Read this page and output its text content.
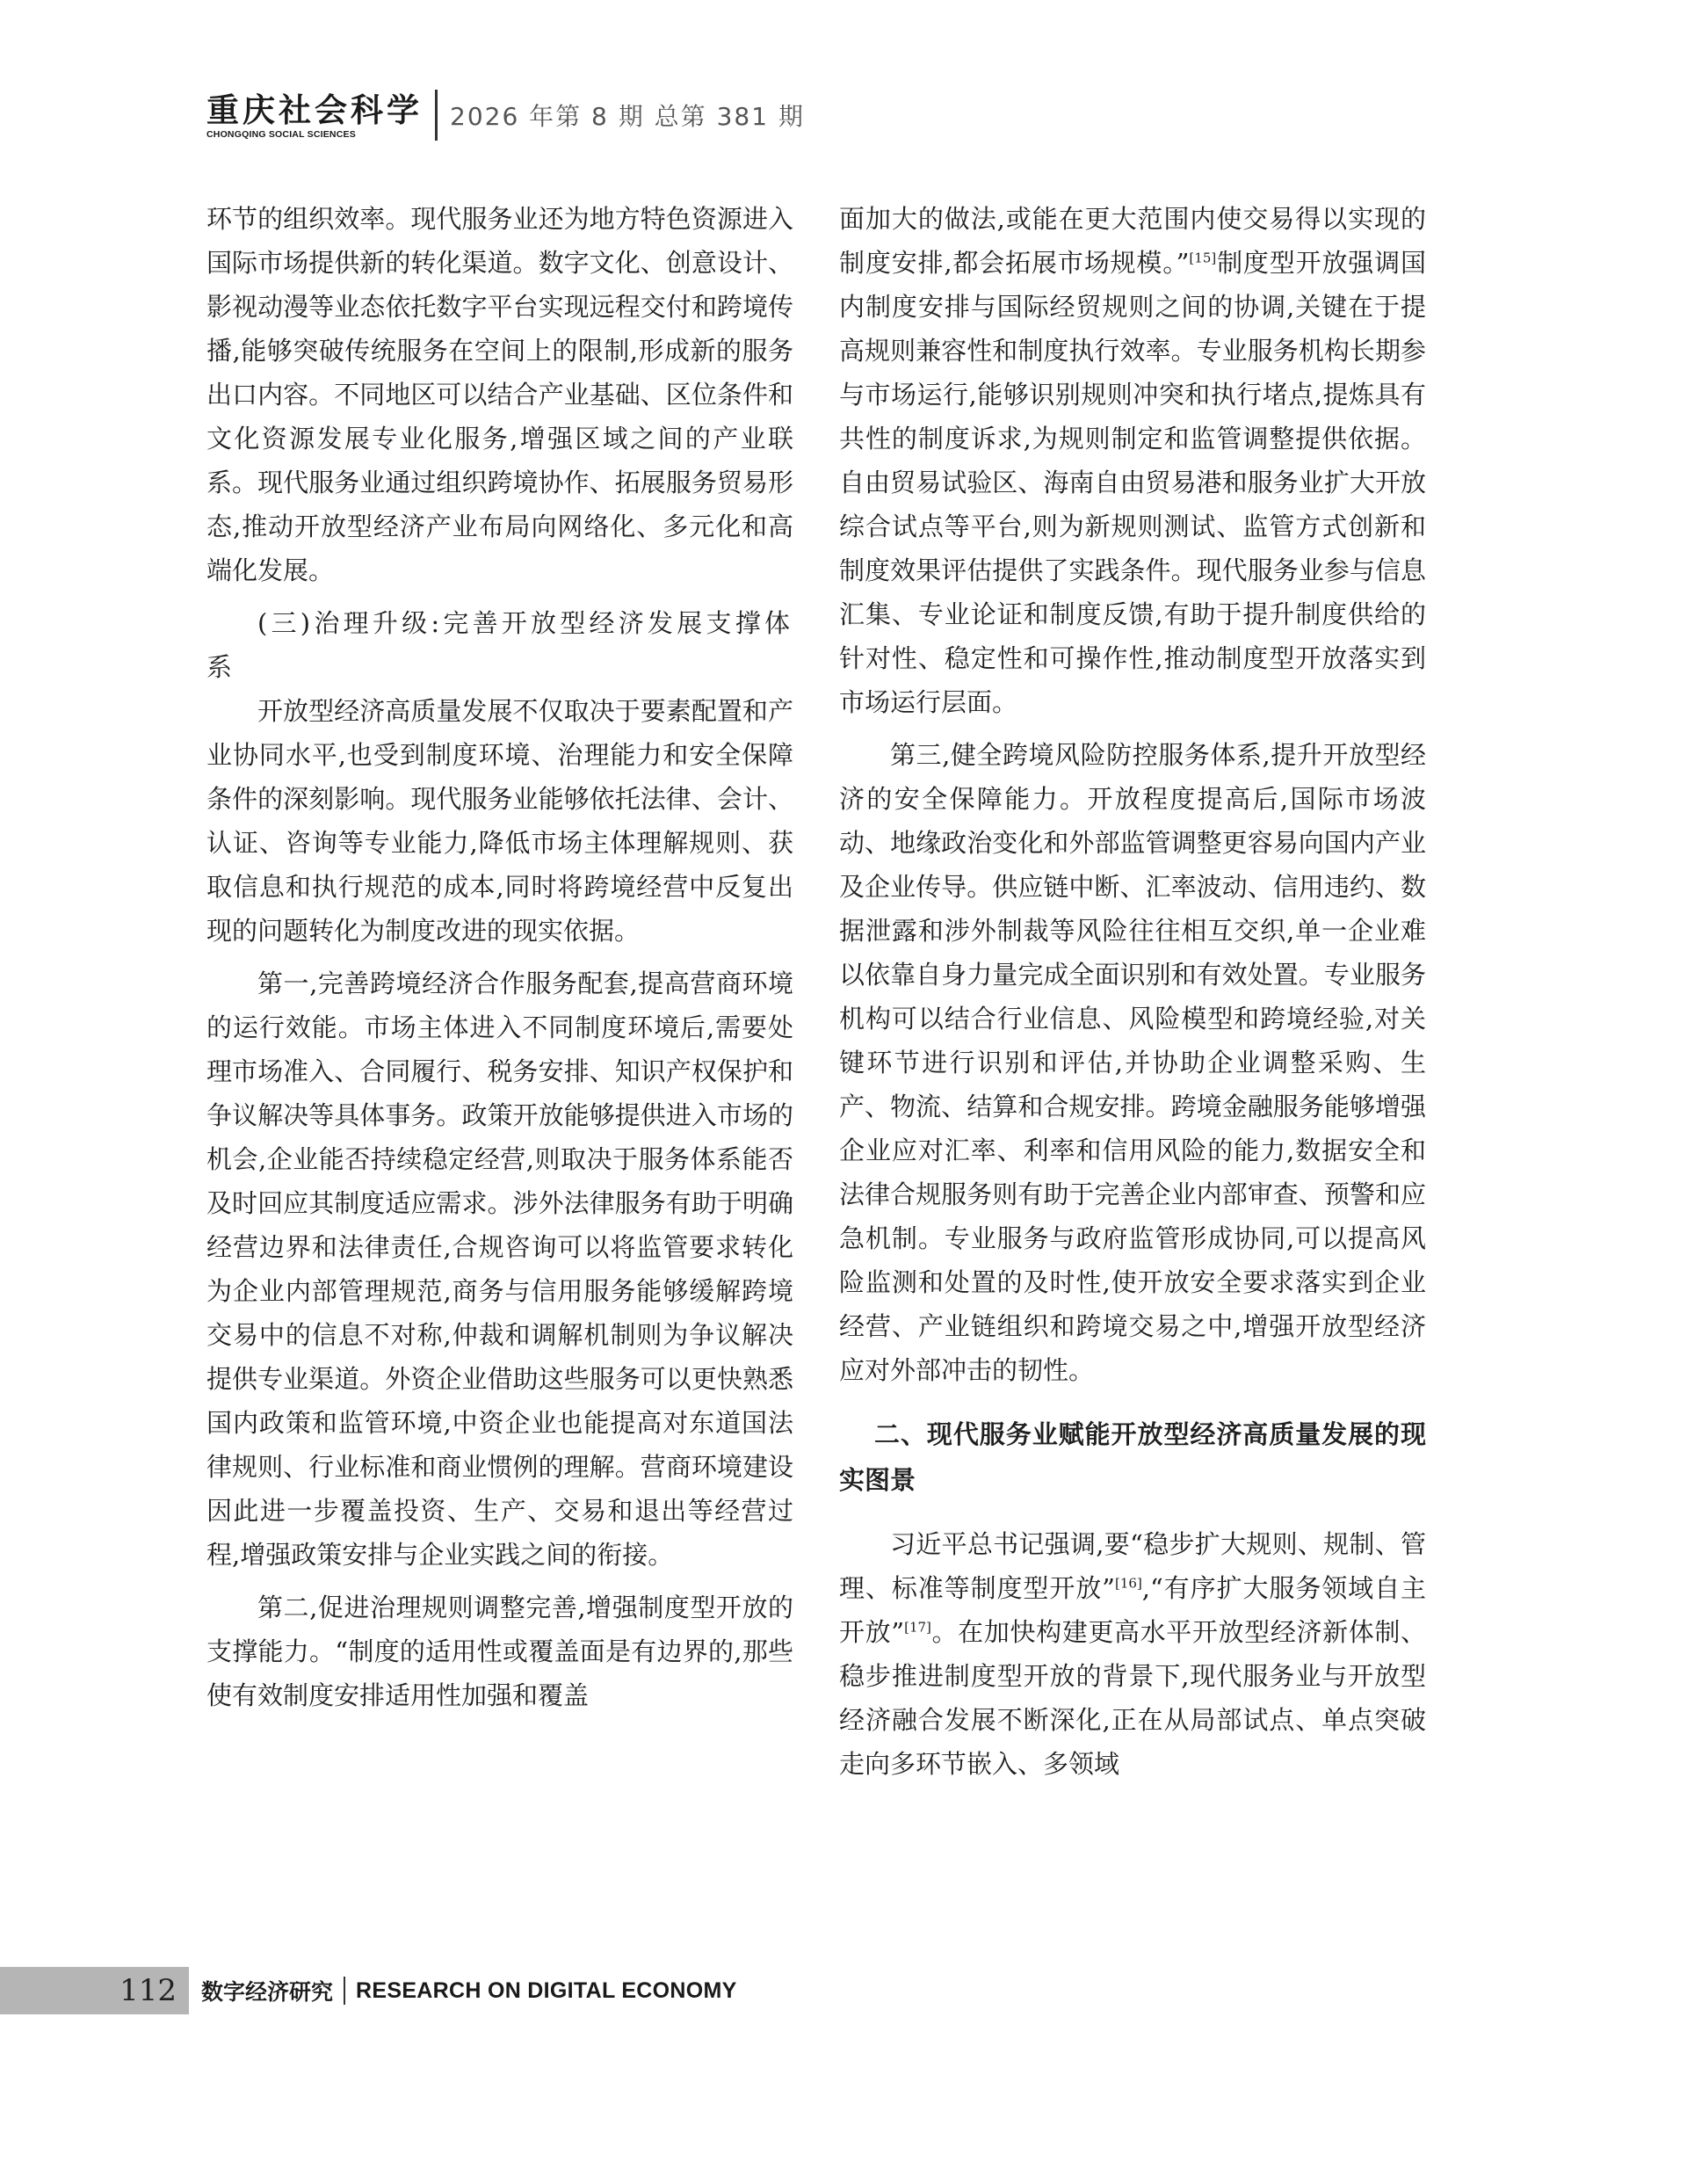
重庆社会科学
CHONGQING SOCIAL SCIENCES
2026 年第 8 期 总第 381 期

环节的组织效率。现代服务业还为地方特色资源进入国际市场提供新的转化渠道。数字文化、创意设计、影视动漫等业态依托数字平台实现远程交付和跨境传播,能够突破传统服务在空间上的限制,形成新的服务出口内容。不同地区可以结合产业基础、区位条件和文化资源发展专业化服务,增强区域之间的产业联系。现代服务业通过组织跨境协作、拓展服务贸易形态,推动开放型经济产业布局向网络化、多元化和高端化发展。

(三)治理升级:完善开放型经济发展支撑体系

开放型经济高质量发展不仅取决于要素配置和产业协同水平,也受到制度环境、治理能力和安全保障条件的深刻影响。现代服务业能够依托法律、会计、认证、咨询等专业能力,降低市场主体理解规则、获取信息和执行规范的成本,同时将跨境经营中反复出现的问题转化为制度改进的现实依据。

第一,完善跨境经济合作服务配套,提高营商环境的运行效能。市场主体进入不同制度环境后,需要处理市场准入、合同履行、税务安排、知识产权保护和争议解决等具体事务。政策开放能够提供进入市场的机会,企业能否持续稳定经营,则取决于服务体系能否及时回应其制度适应需求。涉外法律服务有助于明确经营边界和法律责任,合规咨询可以将监管要求转化为企业内部管理规范,商务与信用服务能够缓解跨境交易中的信息不对称,仲裁和调解机制则为争议解决提供专业渠道。外资企业借助这些服务可以更快熟悉国内政策和监管环境,中资企业也能提高对东道国法律规则、行业标准和商业惯例的理解。营商环境建设因此进一步覆盖投资、生产、交易和退出等经营过程,增强政策安排与企业实践之间的衔接。

第二,促进治理规则调整完善,增强制度型开放的支撑能力。“制度的适用性或覆盖面是有边界的,那些使有效制度安排适用性加强和覆盖

面加大的做法,或能在更大范围内使交易得以实现的制度安排,都会拓展市场规模。”[15]制度型开放强调国内制度安排与国际经贸规则之间的协调,关键在于提高规则兼容性和制度执行效率。专业服务机构长期参与市场运行,能够识别规则冲突和执行堵点,提炼具有共性的制度诉求,为规则制定和监管调整提供依据。自由贸易试验区、海南自由贸易港和服务业扩大开放综合试点等平台,则为新规则测试、监管方式创新和制度效果评估提供了实践条件。现代服务业参与信息汇集、专业论证和制度反馈,有助于提升制度供给的针对性、稳定性和可操作性,推动制度型开放落实到市场运行层面。

第三,健全跨境风险防控服务体系,提升开放型经济的安全保障能力。开放程度提高后,国际市场波动、地缘政治变化和外部监管调整更容易向国内产业及企业传导。供应链中断、汇率波动、信用违约、数据泄露和涉外制裁等风险往往相互交织,单一企业难以依靠自身力量完成全面识别和有效处置。专业服务机构可以结合行业信息、风险模型和跨境经验,对关键环节进行识别和评估,并协助企业调整采购、生产、物流、结算和合规安排。跨境金融服务能够增强企业应对汇率、利率和信用风险的能力,数据安全和法律合规服务则有助于完善企业内部审查、预警和应急机制。专业服务与政府监管形成协同,可以提高风险监测和处置的及时性,使开放安全要求落实到企业经营、产业链组织和跨境交易之中,增强开放型经济应对外部冲击的韧性。

二、现代服务业赋能开放型经济高质量发展的现实图景

习近平总书记强调,要“稳步扩大规则、规制、管理、标准等制度型开放”[16],“有序扩大服务领域自主开放”[17]。在加快构建更高水平开放型经济新体制、稳步推进制度型开放的背景下,现代服务业与开放型经济融合发展不断深化,正在从局部试点、单点突破走向多环节嵌入、多领域

112	数字经济研究 RESEARCH ON DIGITAL ECONOMY
